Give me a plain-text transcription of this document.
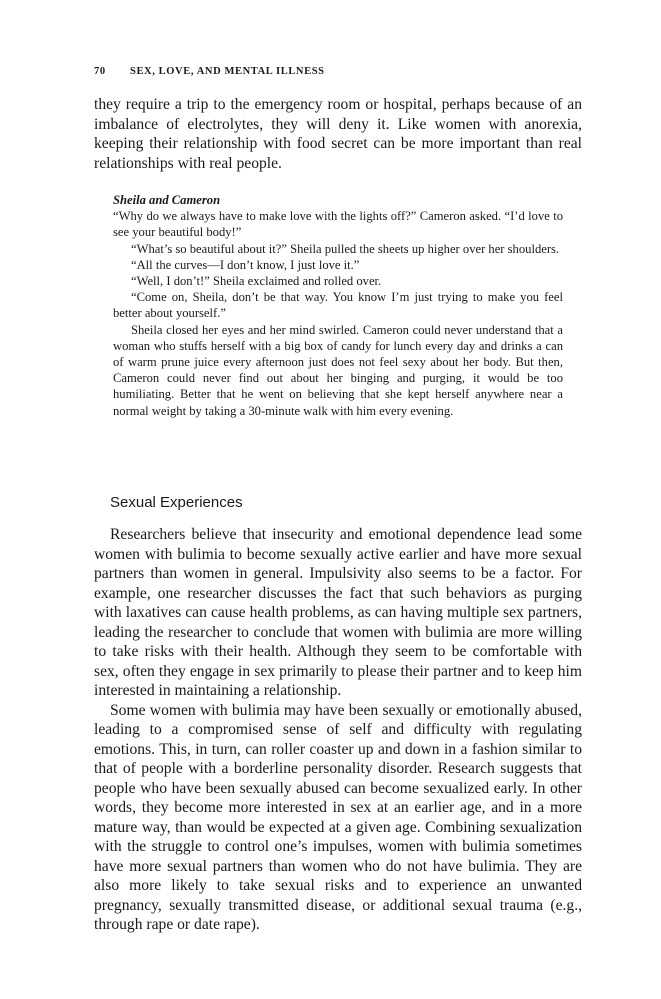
70 SEX, LOVE, AND MENTAL ILLNESS

they require a trip to the emergency room or hospital, perhaps because of an imbalance of electrolytes, they will deny it. Like women with anorexia, keeping their relationship with food secret can be more important than real relationships with real people.

Sheila and Cameron

“Why do we always have to make love with the lights off?” Cameron asked. “I’d love to see your beautiful body!”

“What’s so beautiful about it?” Sheila pulled the sheets up higher over her shoulders.

“All the curves—I don’t know, I just love it.”

“Well, I don’t!” Sheila exclaimed and rolled over.

“Come on, Sheila, don’t be that way. You know I’m just trying to make you feel better about yourself.”

Sheila closed her eyes and her mind swirled. Cameron could never understand that a woman who stuffs herself with a big box of candy for lunch every day and drinks a can of warm prune juice every afternoon just does not feel sexy about her body. But then, Cameron could never find out about her binging and purging, it would be too humiliating. Better that he went on believing that she kept herself anywhere near a normal weight by taking a 30-minute walk with him every evening.

Sexual Experiences

Researchers believe that insecurity and emotional dependence lead some women with bulimia to become sexually active earlier and have more sexual partners than women in general. Impulsivity also seems to be a factor. For example, one researcher discusses the fact that such behaviors as purging with laxatives can cause health problems, as can having multiple sex partners, leading the researcher to conclude that women with bulimia are more willing to take risks with their health. Although they seem to be comfortable with sex, often they engage in sex primarily to please their partner and to keep him interested in maintaining a relationship.

Some women with bulimia may have been sexually or emotionally abused, leading to a compromised sense of self and difficulty with regulating emotions. This, in turn, can roller coaster up and down in a fashion similar to that of people with a borderline personality disorder. Research suggests that people who have been sexually abused can become sexualized early. In other words, they become more interested in sex at an earlier age, and in a more mature way, than would be expected at a given age. Combining sexualization with the struggle to control one’s impulses, women with bulimia sometimes have more sexual partners than women who do not have bulimia. They are also more likely to take sexual risks and to experience an unwanted pregnancy, sexually transmitted disease, or additional sexual trauma (e.g., through rape or date rape).
